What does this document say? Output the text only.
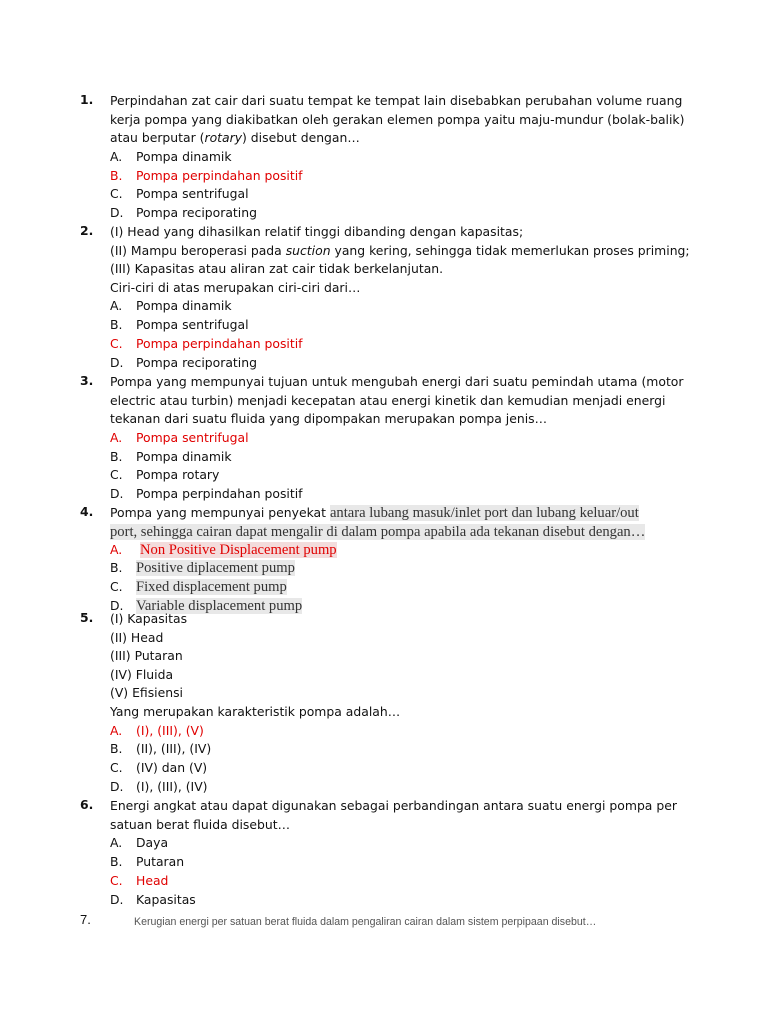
1. Perpindahan zat cair dari suatu tempat ke tempat lain disebabkan perubahan volume ruang
kerja pompa yang diakibatkan oleh gerakan elemen pompa yaitu maju-mundur (bolak-balik)
atau berputar (rotary) disebut dengan…
A. Pompa dinamik
B. Pompa perpindahan positif
C. Pompa sentrifugal
D. Pompa reciporating
2. (I) Head yang dihasilkan relatif tinggi dibanding dengan kapasitas;
(II) Mampu beroperasi pada suction yang kering, sehingga tidak memerlukan proses priming;
(III) Kapasitas atau aliran zat cair tidak berkelanjutan.
Ciri-ciri di atas merupakan ciri-ciri dari…
A. Pompa dinamik
B. Pompa sentrifugal
C. Pompa perpindahan positif
D. Pompa reciporating
3. Pompa yang mempunyai tujuan untuk mengubah energi dari suatu pemindah utama (motor
electric atau turbin) menjadi kecepatan atau energi kinetik dan kemudian menjadi energi
tekanan dari suatu fluida yang dipompakan merupakan pompa jenis…
A. Pompa sentrifugal
B. Pompa dinamik
C. Pompa rotary
D. Pompa perpindahan positif
4. Pompa yang mempunyai penyekat antara lubang masuk/inlet port dan lubang keluar/out
port, sehingga cairan dapat mengalir di dalam pompa apabila ada tekanan disebut dengan…
A. Non Positive Displacement pump
B. Positive diplacement pump
C. Fixed displacement pump
D. Variable displacement pump
5. (I) Kapasitas
(II) Head
(III) Putaran
(IV) Fluida
(V) Efisiensi
Yang merupakan karakteristik pompa adalah…
A. (I), (III), (V)
B. (II), (III), (IV)
C. (IV) dan (V)
D. (I), (III), (IV)
6. Energi angkat atau dapat digunakan sebagai perbandingan antara suatu energi pompa per
satuan berat fluida disebut…
A. Daya
B. Putaran
C. Head
D. Kapasitas
7.	Kerugian energi per satuan berat fluida dalam pengaliran cairan dalam sistem perpipaan disebut…
